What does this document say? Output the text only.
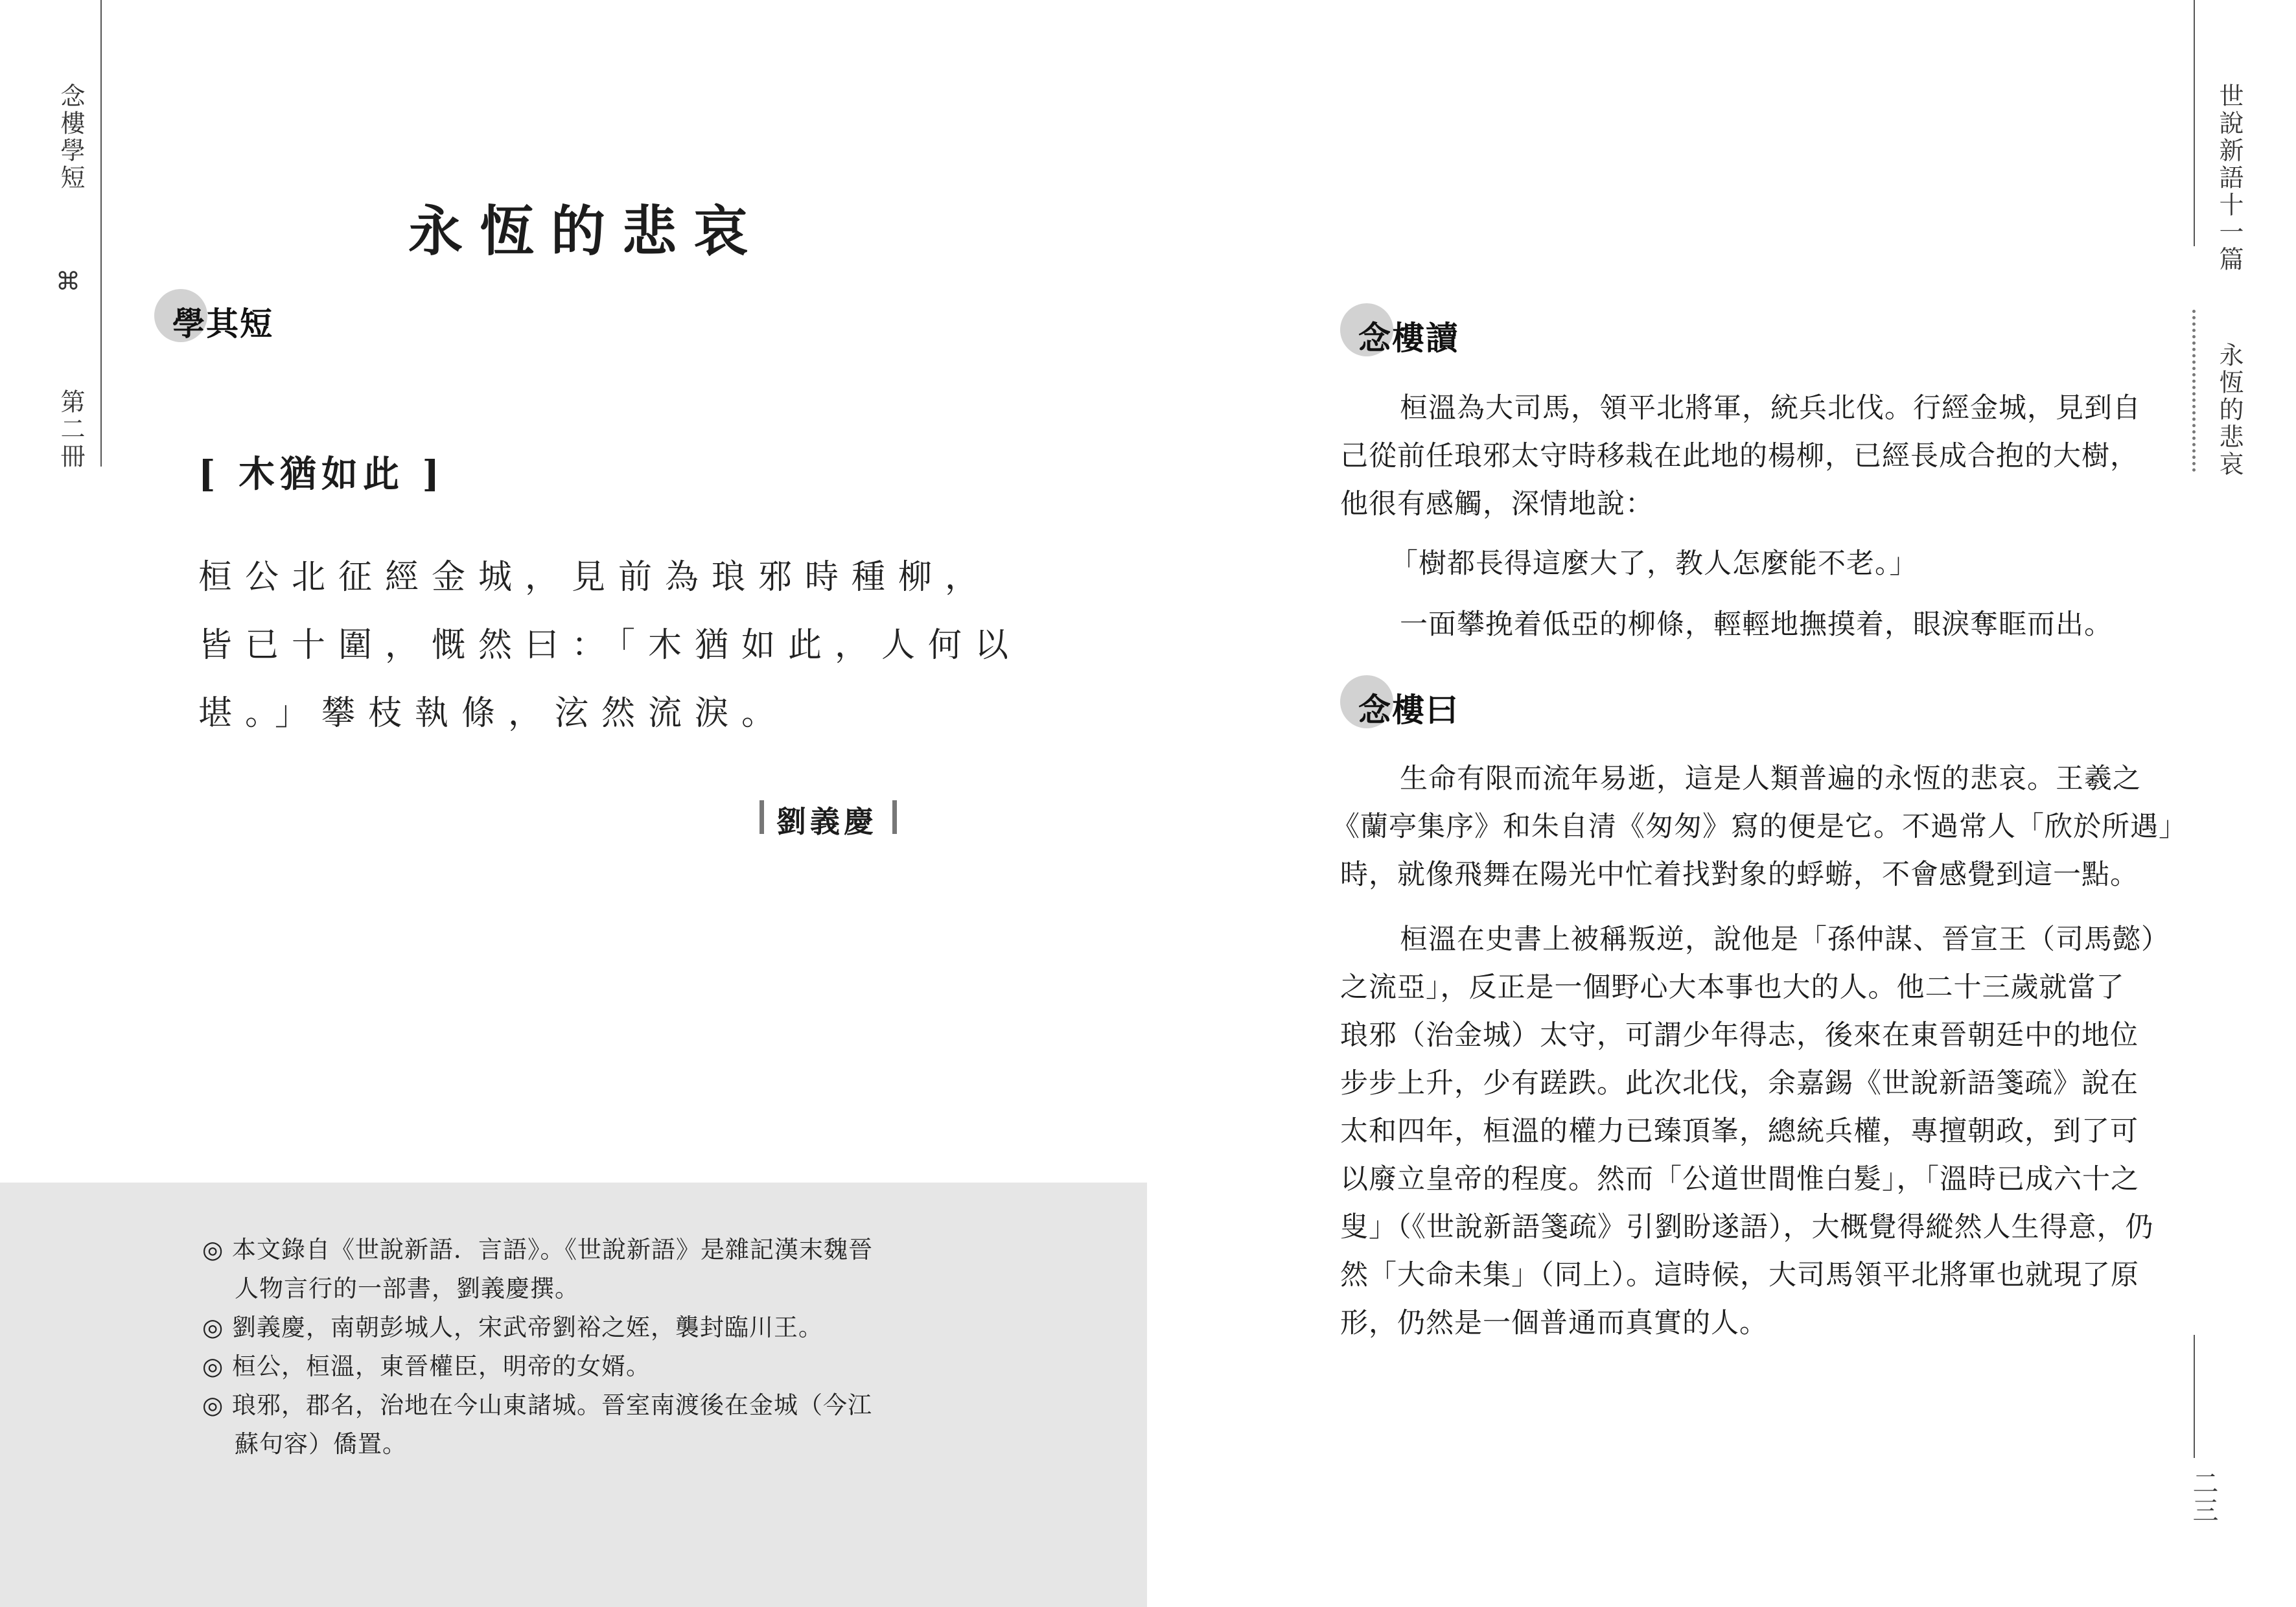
念樓學短
⌘
第二冊
永恆的悲哀
學其短
[ 木猶如此 ]
桓公北征經金城，見前為琅邪時種柳，
皆已十圍，慨然曰：「木猶如此，人何以
堪。」攀枝執條，泫然流淚。
劉義慶
◎ 本文錄自《世說新語．言語》。《世說新語》是雜記漢末魏晉
人物言行的一部書，劉義慶撰。
◎ 劉義慶，南朝彭城人，宋武帝劉裕之姪，襲封臨川王。
◎ 桓公，桓溫，東晉權臣，明帝的女婿。
◎ 琅邪，郡名，治地在今山東諸城。晉室南渡後在金城（今江
蘇句容）僑置。
世說新語十一篇
永恆的悲哀
二三
念樓讀
桓溫為大司馬，領平北將軍，統兵北伐。行經金城，見到自
己從前任琅邪太守時移栽在此地的楊柳，已經長成合抱的大樹，
他很有感觸，深情地說：
「樹都長得這麼大了，教人怎麼能不老。」
一面攀挽着低亞的柳條，輕輕地撫摸着，眼淚奪眶而出。
念樓曰
生命有限而流年易逝，這是人類普遍的永恆的悲哀。王羲之
《蘭亭集序》和朱自清《匆匆》寫的便是它。不過常人「欣於所遇」
時，就像飛舞在陽光中忙着找對象的蜉蝣，不會感覺到這一點。
桓溫在史書上被稱叛逆，說他是「孫仲謀、晉宣王（司馬懿）
之流亞」，反正是一個野心大本事也大的人。他二十三歲就當了
琅邪（治金城）太守，可謂少年得志，後來在東晉朝廷中的地位
步步上升，少有蹉跌。此次北伐，余嘉錫《世說新語箋疏》說在
太和四年，桓溫的權力已臻頂峯，總統兵權，專擅朝政，到了可
以廢立皇帝的程度。然而「公道世間惟白髮」，「溫時已成六十之
叟」（《世說新語箋疏》引劉盼遂語），大概覺得縱然人生得意，仍
然「大命未集」（同上）。這時候，大司馬領平北將軍也就現了原
形，仍然是一個普通而真實的人。
